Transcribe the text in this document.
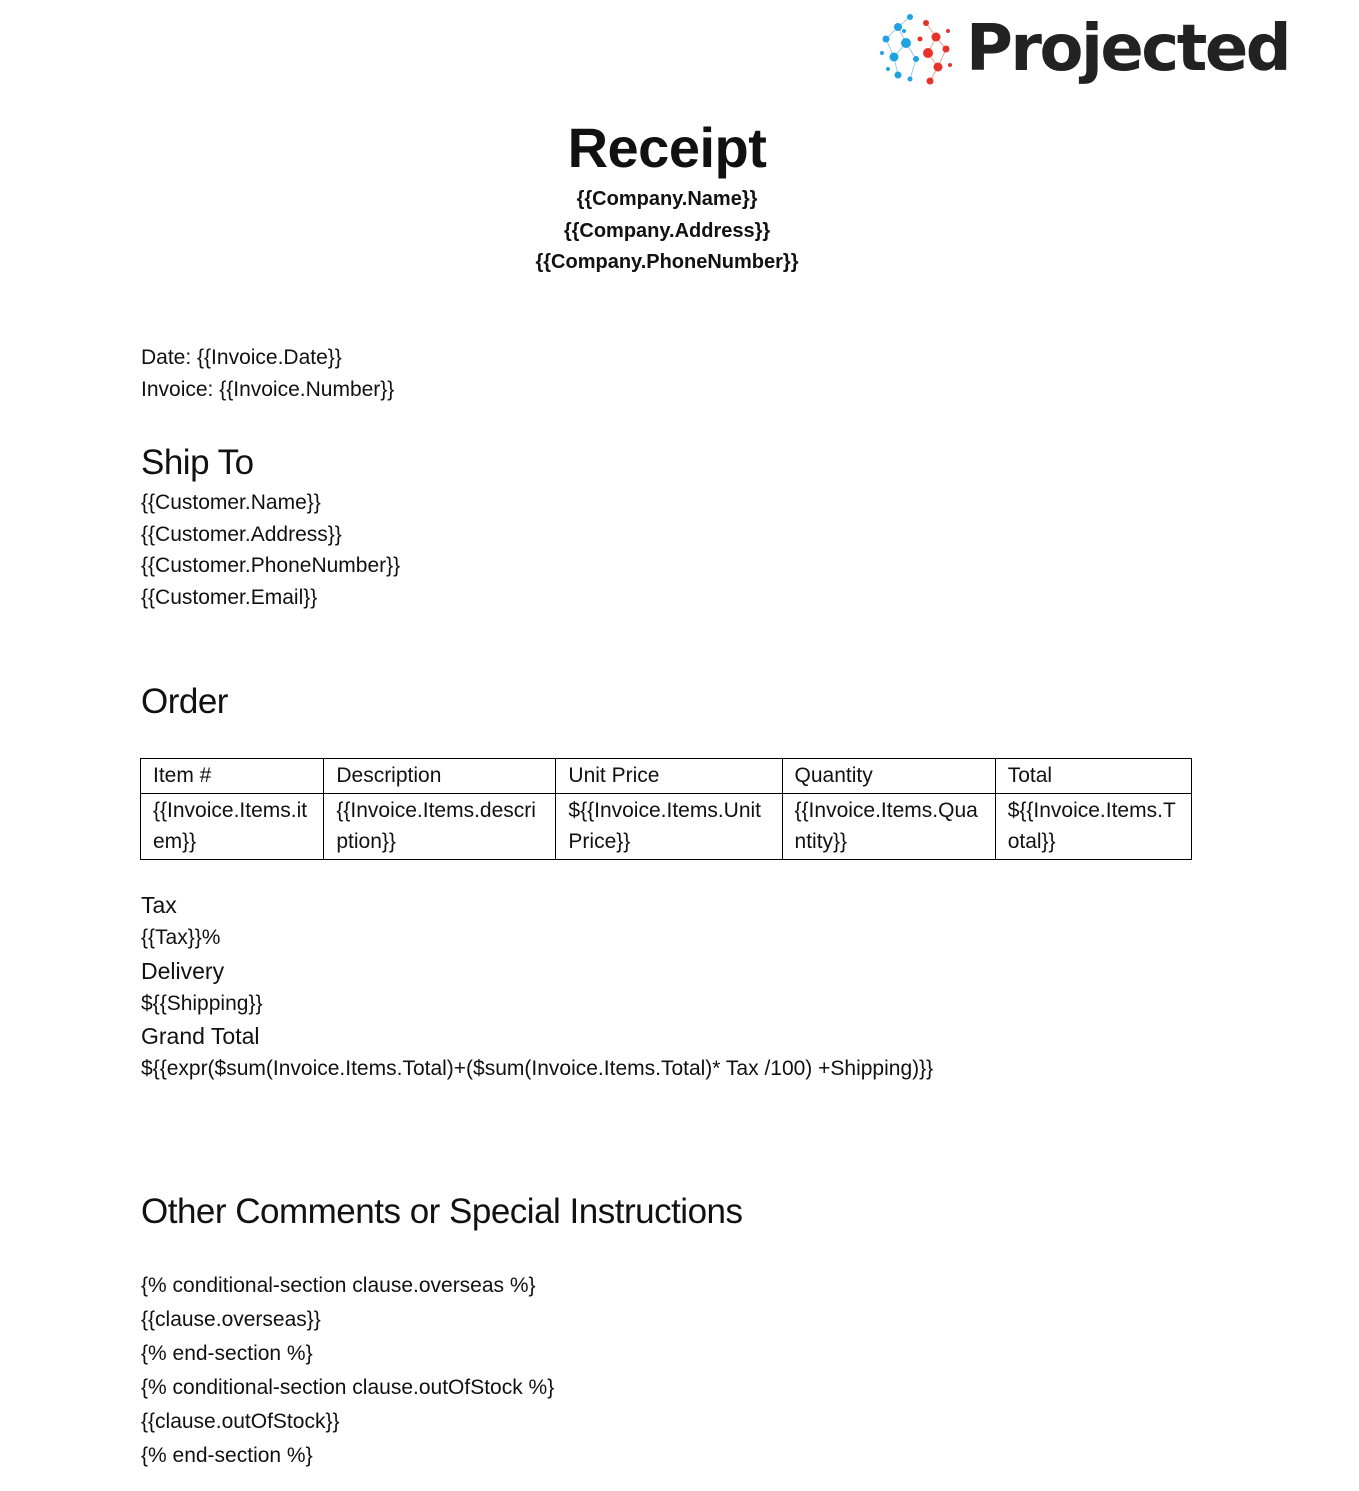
Projected
Receipt
{{Company.Name}}
{{Company.Address}}
{{Company.PhoneNumber}}
Date: {{Invoice.Date}}
Invoice: {{Invoice.Number}}
Ship To
{{Customer.Name}}
{{Customer.Address}}
{{Customer.PhoneNumber}}
{{Customer.Email}}
Order
Item #	Description	Unit Price	Quantity	Total
{{Invoice.Items.item}}	{{Invoice.Items.description}}	${{Invoice.Items.UnitPrice}}	{{Invoice.Items.Quantity}}	${{Invoice.Items.Total}}
Tax
{{Tax}}%
Delivery
${{Shipping}}
Grand Total
${{expr($sum(Invoice.Items.Total)+($sum(Invoice.Items.Total)* Tax /100) +Shipping)}}
Other Comments or Special Instructions
{% conditional-section clause.overseas %}
{{clause.overseas}}
{% end-section %}
{% conditional-section clause.outOfStock %}
{{clause.outOfStock}}
{% end-section %}
